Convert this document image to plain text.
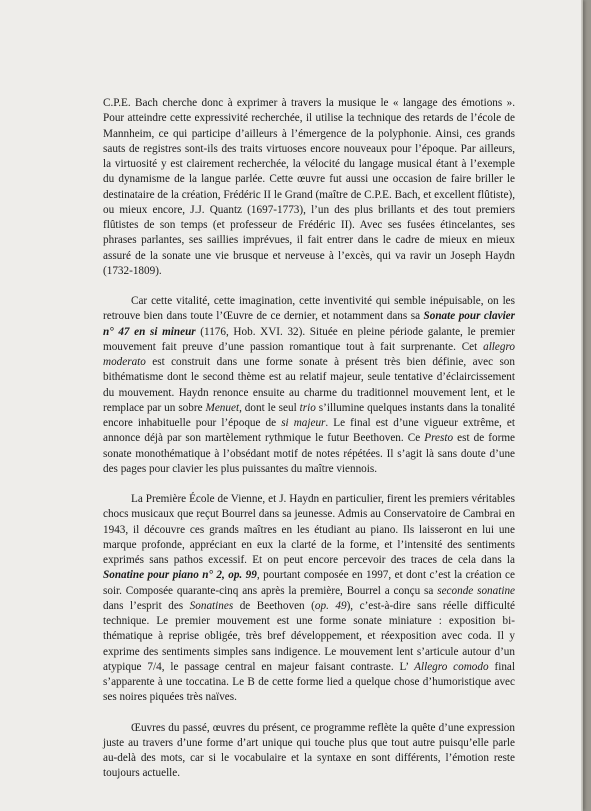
C.P.E. Bach cherche donc à exprimer à travers la musique le « langage des émotions ». Pour atteindre cette expressivité recherchée, il utilise la technique des retards de l’école de Mannheim, ce qui participe d’ailleurs à l’émergence de la polyphonie. Ainsi, ces grands sauts de registres sont-ils des traits virtuoses encore nouveaux pour l’époque. Par ailleurs, la virtuosité y est clairement recherchée, la vélocité du langage musical étant à l’exemple du dynamisme de la langue parlée. Cette œuvre fut aussi une occasion de faire briller le destinataire de la création, Frédéric II le Grand (maître de C.P.E. Bach, et excellent flûtiste), ou mieux encore, J.J. Quantz (1697-1773), l’un des plus brillants et des tout premiers flûtistes de son temps (et professeur de Frédéric II). Avec ses fusées étincelantes, ses phrases parlantes, ses saillies imprévues, il fait entrer dans le cadre de mieux en mieux assuré de la sonate une vie brusque et nerveuse à l’excès, qui va ravir un Joseph Haydn (1732-1809).

Car cette vitalité, cette imagination, cette inventivité qui semble inépuisable, on les retrouve bien dans toute l’Œuvre de ce dernier, et notamment dans sa Sonate pour clavier n° 47 en si mineur (1176, Hob. XVI. 32). Située en pleine période galante, le premier mouvement fait preuve d’une passion romantique tout à fait surprenante. Cet allegro moderato est construit dans une forme sonate à présent très bien définie, avec son bithématisme dont le second thème est au relatif majeur, seule tentative d’éclaircissement du mouvement. Haydn renonce ensuite au charme du traditionnel mouvement lent, et le remplace par un sobre Menuet, dont le seul trio s’illumine quelques instants dans la tonalité encore inhabituelle pour l’époque de si majeur. Le final est d’une vigueur extrême, et annonce déjà par son martèlement rythmique le futur Beethoven. Ce Presto est de forme sonate monothématique à l’obsédant motif de notes répétées. Il s’agit là sans doute d’une des pages pour clavier les plus puissantes du maître viennois.

La Première École de Vienne, et J. Haydn en particulier, firent les premiers véritables chocs musicaux que reçut Bourrel dans sa jeunesse. Admis au Conservatoire de Cambrai en 1943, il découvre ces grands maîtres en les étudiant au piano. Ils laisseront en lui une marque profonde, appréciant en eux la clarté de la forme, et l’intensité des sentiments exprimés sans pathos excessif. Et on peut encore percevoir des traces de cela dans la Sonatine pour piano n° 2, op. 99, pourtant composée en 1997, et dont c’est la création ce soir. Composée quarante-cinq ans après la première, Bourrel a conçu sa seconde sonatine dans l’esprit des Sonatines de Beethoven (op. 49), c’est-à-dire sans réelle difficulté technique. Le premier mouvement est une forme sonate miniature : exposition bi-thématique à reprise obligée, très bref développement, et réexposition avec coda. Il y exprime des sentiments simples sans indigence. Le mouvement lent s’articule autour d’un atypique 7/4, le passage central en majeur faisant contraste. L’ Allegro comodo final s’apparente à une toccatina. Le B de cette forme lied a quelque chose d’humoristique avec ses noires piquées très naïves.

Œuvres du passé, œuvres du présent, ce programme reflète la quête d’une expression juste au travers d’une forme d’art unique qui touche plus que tout autre puisqu’elle parle au-delà des mots, car si le vocabulaire et la syntaxe en sont différents, l’émotion reste toujours actuelle.
